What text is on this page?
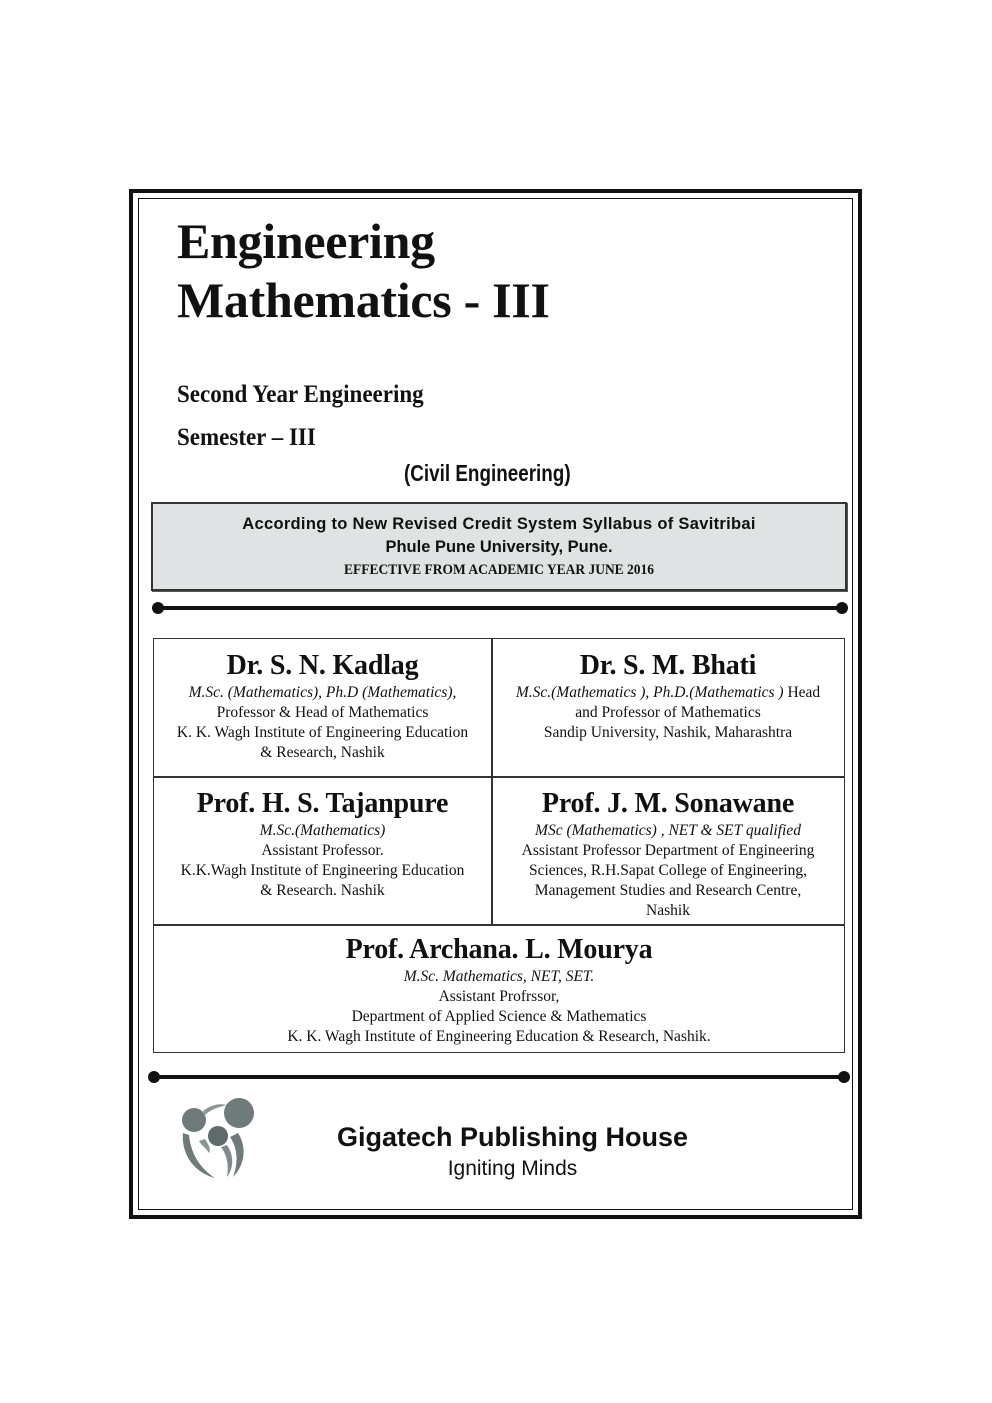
Engineering
Mathematics - III

Second Year Engineering

Semester – III

(Civil Engineering)
According to New Revised Credit System Syllabus of Savitribai
Phule Pune University, Pune.
EFFECTIVE FROM ACADEMIC YEAR JUNE 2016
Dr. S. N. Kadlag
M.Sc. (Mathematics), Ph.D (Mathematics),
Professor & Head of Mathematics
K. K. Wagh Institute of Engineering Education
& Research, Nashik
Dr. S. M. Bhati
M.Sc.(Mathematics ), Ph.D.(Mathematics ) Head
and Professor of Mathematics
Sandip University, Nashik, Maharashtra
Prof. H. S. Tajanpure
M.Sc.(Mathematics)
Assistant Professor.
K.K.Wagh Institute of Engineering Education
& Research. Nashik
Prof. J. M. Sonawane
MSc (Mathematics) , NET & SET qualified
Assistant Professor Department of Engineering
Sciences, R.H.Sapat College of Engineering,
Management Studies and Research Centre,
Nashik
Prof. Archana. L. Mourya
M.Sc. Mathematics, NET, SET.
Assistant Profrssor,
Department of Applied Science & Mathematics
K. K. Wagh Institute of Engineering Education & Research, Nashik.
Gigatech Publishing House
Igniting Minds
